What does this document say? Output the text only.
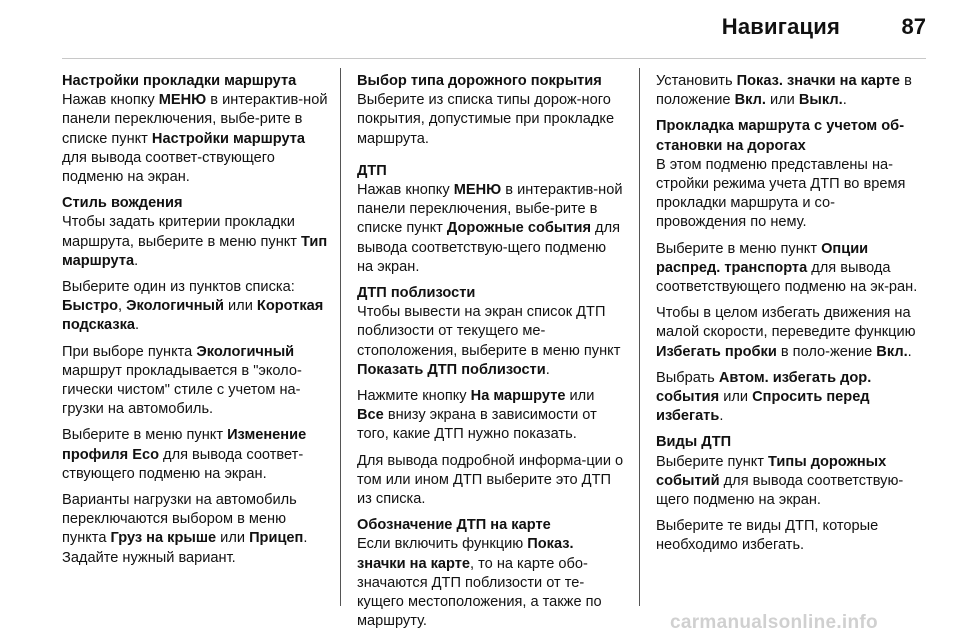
Навигация	87
Настройки прокладки маршрута
Нажав кнопку МЕНЮ в интерактив-ной панели переключения, выбе-рите в списке пункт Настройки маршрута для вывода соответ-ствующего подменю на экран.
Стиль вождения
Чтобы задать критерии прокладки маршрута, выберите в меню пункт Тип маршрута.
Выберите один из пунктов списка: Быстро, Экологичный или Короткая подсказка.
При выборе пункта Экологичный маршрут прокладывается в "эколо-гически чистом" стиле с учетом на-грузки на автомобиль.
Выберите в меню пункт Изменение профиля Eco для вывода соответ-ствующего подменю на экран.
Варианты нагрузки на автомобиль переключаются выбором в меню пункта Груз на крыше или Прицеп. Задайте нужный вариант.
Выбор типа дорожного покрытия
Выберите из списка типы дорож-ного покрытия, допустимые при прокладке маршрута.
ДТП
Нажав кнопку МЕНЮ в интерактив-ной панели переключения, выбе-рите в списке пункт Дорожные события для вывода соответствую-щего подменю на экран.
ДТП поблизости
Чтобы вывести на экран список ДТП поблизости от текущего ме-стоположения, выберите в меню пункт Показать ДТП поблизости.
Нажмите кнопку На маршруте или Все внизу экрана в зависимости от того, какие ДТП нужно показать.
Для вывода подробной информа-ции о том или ином ДТП выберите это ДТП из списка.
Обозначение ДТП на карте
Если включить функцию Показ. значки на карте, то на карте обо-значаются ДТП поблизости от те-кущего местоположения, а также по маршруту.
Установить Показ. значки на карте в положение Вкл. или Выкл..
Прокладка маршрута с учетом об-становки на дорогах
В этом подменю представлены на-стройки режима учета ДТП во время прокладки маршрута и со-провождения по нему.
Выберите в меню пункт Опции распред. транспорта для вывода соответствующего подменю на эк-ран.
Чтобы в целом избегать движения на малой скорости, переведите функцию Избегать пробки в поло-жение Вкл..
Выбрать Автом. избегать дор. события или Спросить перед избегать.
Виды ДТП
Выберите пункт Типы дорожных событий для вывода соответствую-щего подменю на экран.
Выберите те виды ДТП, которые необходимо избегать.
carmanualsonline.info
